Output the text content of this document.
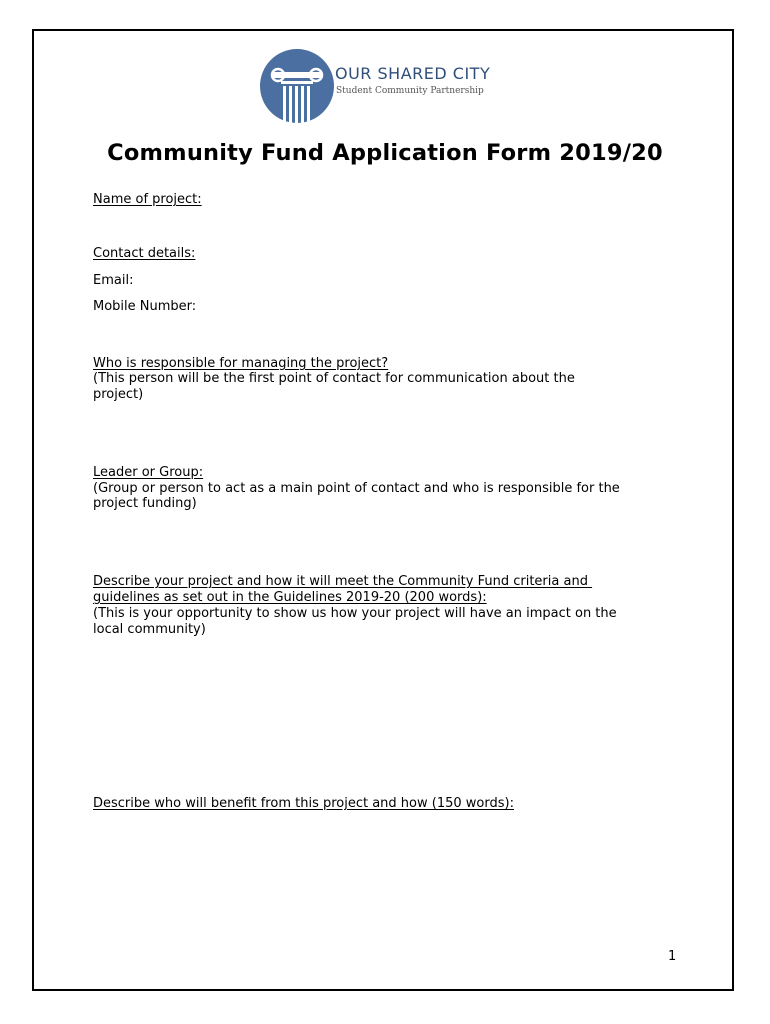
OUR SHARED CITY
Student Community Partnership
Community Fund Application Form 2019/20
Name of project:
Contact details:
Email:
Mobile Number:
Who is responsible for managing the project?
(This person will be the first point of contact for communication about the
project)
Leader or Group:
(Group or person to act as a main point of contact and who is responsible for the
project funding)
Describe your project and how it will meet the Community Fund criteria and
guidelines as set out in the Guidelines 2019-20 (200 words):
(This is your opportunity to show us how your project will have an impact on the
local community)
Describe who will benefit from this project and how (150 words):
1
